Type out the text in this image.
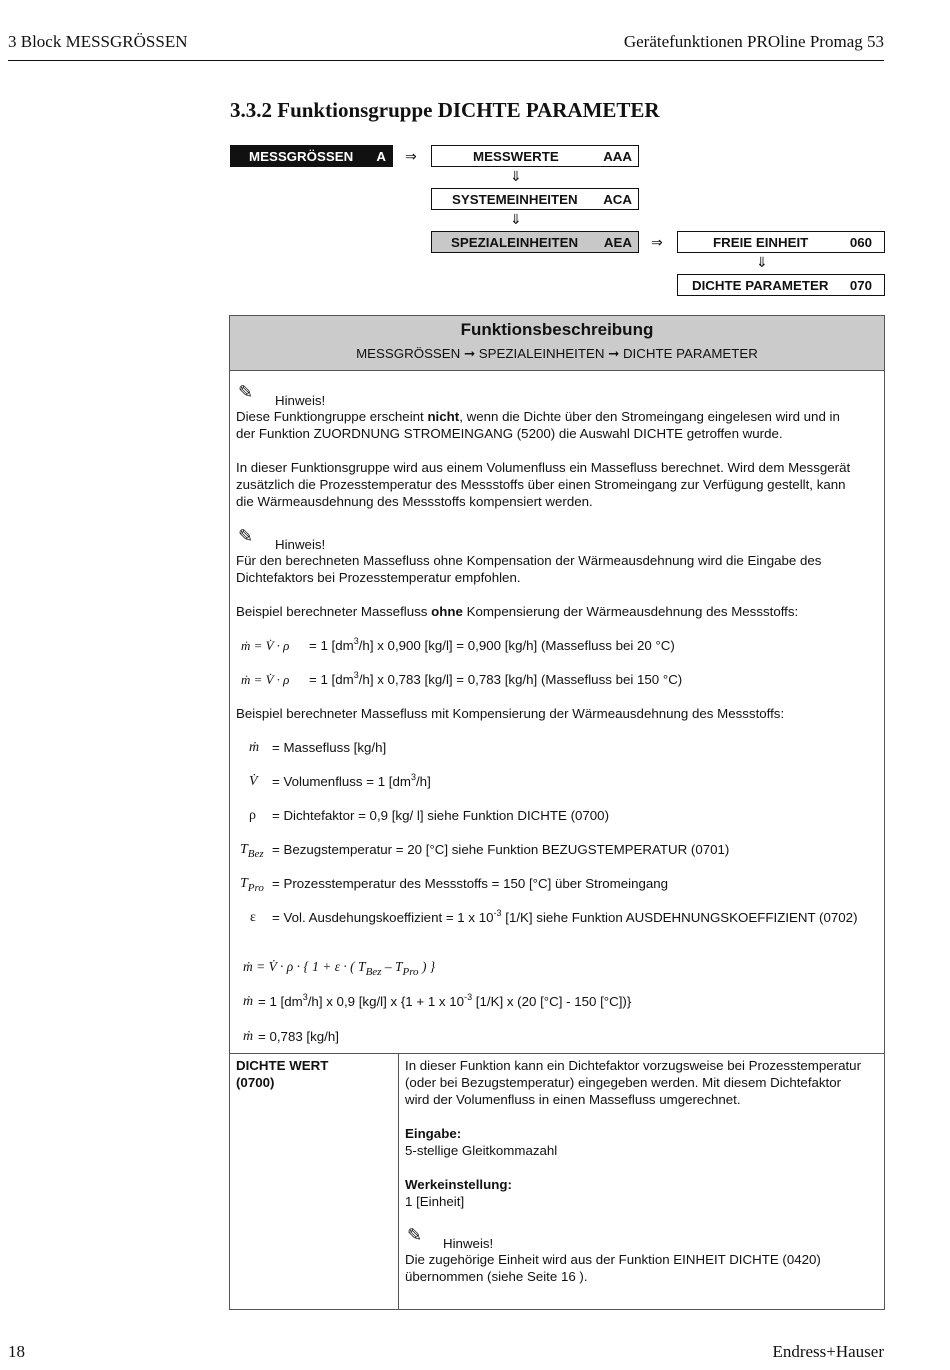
3 Block MESSGRÖSSEN	Gerätefunktionen PROline Promag 53
3.3.2 Funktionsgruppe DICHTE PARAMETER
MESSGRÖSSEN	A ⇒	MESSWERTE	AAA
⇓
SYSTEMEINHEITEN	ACA
⇓
SPEZIALEINHEITEN	AEA ⇒	FREIE EINHEIT	060
⇓
DICHTE PARAMETER	070
Funktionsbeschreibung
MESSGRÖSSEN ➞ SPEZIALEINHEITEN ➞ DICHTE PARAMETER
✎ Hinweis!
Diese Funktiongruppe erscheint nicht, wenn die Dichte über den Stromeingang eingelesen wird und in
der Funktion ZUORDNUNG STROMEINGANG (5200) die Auswahl DICHTE getroffen wurde.
In dieser Funktionsgruppe wird aus einem Volumenfluss ein Massefluss berechnet. Wird dem Messgerät
zusätzlich die Prozesstemperatur des Messstoffs über einen Stromeingang zur Verfügung gestellt, kann
die Wärmeausdehnung des Messstoffs kompensiert werden.
✎ Hinweis!
Für den berechneten Massefluss ohne Kompensation der Wärmeausdehnung wird die Eingabe des
Dichtefaktors bei Prozesstemperatur empfohlen.
Beispiel berechneter Massefluss ohne Kompensierung der Wärmeausdehnung des Messstoffs:
ṁ = V̇ · ρ = 1 $[dm^3/h]$ x 0,900 [kg/l] = 0,900 [kg/h] (Massefluss bei 20 °C)
ṁ = V̇ · ρ = 1 $[dm^3/h]$ x 0,783 [kg/l] = 0,783 [kg/h] (Massefluss bei 150 °C)
Beispiel berechneter Massefluss mit Kompensierung der Wärmeausdehnung des Messstoffs:
ṁ = Massefluss [kg/h]
V̇ = Volumenfluss = 1 $[dm^3/h]$
ρ = Dichtefaktor = 0,9 [kg/ l] siehe Funktion DICHTE (0700)
$T_{Bez}$ = Bezugstemperatur = 20 [°C] siehe Funktion BEZUGSTEMPERATUR (0701)
$T_{Pro}$ = Prozesstemperatur des Messstoffs = 150 [°C] über Stromeingang
ε = Vol. Ausdehungskoeffizient = 1 x $10^{-3}$ [1/K] siehe Funktion AUSDEHNUNGSKOEFFIZIENT (0702)
ṁ = V̇ · ρ · { 1 + ε · ( $T_{Bez} - T_{Pro}$ ) }
ṁ = 1 $[dm^3/h]$ x 0,9 [kg/l] x {1 + 1 x $10^{-3}$ [1/K] x (20 [°C] - 150 [°C])}
ṁ = 0,783 [kg/h]
DICHTE WERT
(0700)
In dieser Funktion kann ein Dichtefaktor vorzugsweise bei Prozesstemperatur
(oder bei Bezugstemperatur) eingegeben werden. Mit diesem Dichtefaktor
wird der Volumenfluss in einen Massefluss umgerechnet.
Eingabe:
5-stellige Gleitkommazahl
Werkeinstellung:
1 [Einheit]
✎ Hinweis!
Die zugehörige Einheit wird aus der Funktion EINHEIT DICHTE (0420)
übernommen (siehe Seite 16 ).
18	Endress+Hauser
